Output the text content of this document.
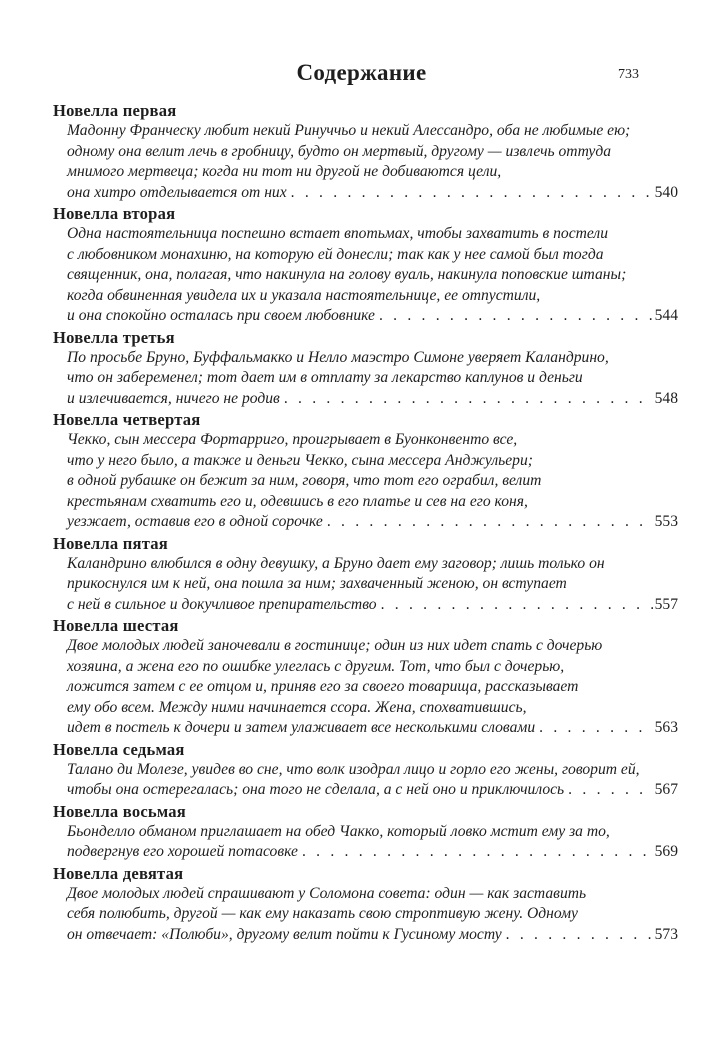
Содержание	733
Новелла первая
Мадонну Франческу любит некий Ринуччьо и некий Алессандро, оба не любимые ею;
одному она велит лечь в гробницу, будто он мертвый, другому — извлечь оттуда
мнимого мертвеца; когда ни тот ни другой не добиваются цели,
она хитро отделывается от них . . .	540
Новелла вторая
Одна настоятельница поспешно встает впотьмах, чтобы захватить в постели
с любовником монахиню, на которую ей донесли; так как у нее самой был тогда
священник, она, полагая, что накинула на голову вуаль, накинула поповские штаны;
когда обвиненная увидела их и указала настоятельнице, ее отпустили,
и она спокойно осталась при своем любовнике . . .	544
Новелла третья
По просьбе Бруно, Буффальмакко и Нелло маэстро Симоне уверяет Каландрино,
что он забеременел; тот дает им в отплату за лекарство каплунов и деньги
и излечивается, ничего не родив . . .	548
Новелла четвертая
Чекко, сын мессера Фортарриго, проигрывает в Буонконвенто все,
что у него было, а также и деньги Чекко, сына мессера Анджульери;
в одной рубашке он бежит за ним, говоря, что тот его ограбил, велит
крестьянам схватить его и, одевшись в его платье и сев на его коня,
уезжает, оставив его в одной сорочке . . .	553
Новелла пятая
Каландрино влюбился в одну девушку, а Бруно дает ему заговор; лишь только он
прикоснулся им к ней, она пошла за ним; захваченный женою, он вступает
с ней в сильное и докучливое препирательство . . .	557
Новелла шестая
Двое молодых людей заночевали в гостинице; один из них идет спать с дочерью
хозяина, а жена его по ошибке улеглась с другим. Тот, что был с дочерью,
ложится затем с ее отцом и, приняв его за своего товарища, рассказывает
ему обо всем. Между ними начинается ссора. Жена, спохватившись,
идет в постель к дочери и затем улаживает все несколькими словами . . .	563
Новелла седьмая
Талано ди Молезе, увидев во сне, что волк изодрал лицо и горло его жены, говорит ей,
чтобы она остерегалась; она того не сделала, а с ней оно и приключилось . . .	567
Новелла восьмая
Бьонделло обманом приглашает на обед Чакко, который ловко мстит ему за то,
подвергнув его хорошей потасовке . . .	569
Новелла девятая
Двое молодых людей спрашивают у Соломона совета: один — как заставить
себя полюбить, другой — как ему наказать свою строптивую жену. Одному
он отвечает: «Полюби», другому велит пойти к Гусиному мосту . . .	573
